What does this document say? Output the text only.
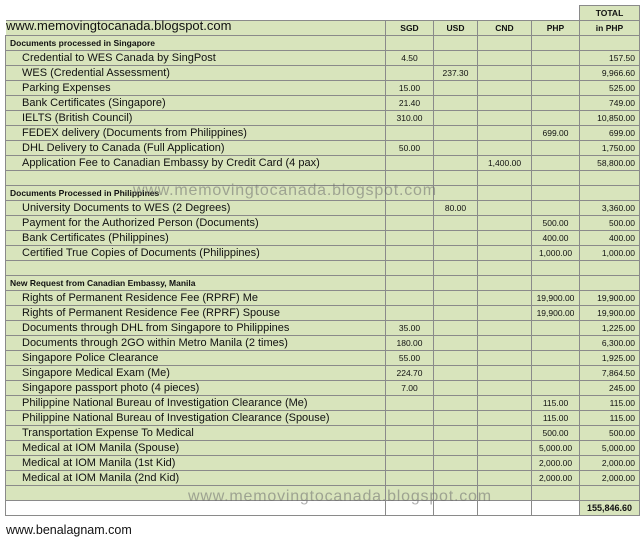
					TOTAL
	SGD	USD	CND	PHP	in PHP
Documents processed in Singapore					
Credential to WES Canada by SingPost	4.50				157.50
WES (Credential Assessment)		237.30			9,966.60
Parking Expenses	15.00				525.00
Bank Certificates (Singapore)	21.40				749.00
IELTS (British Council)	310.00				10,850.00
FEDEX delivery (Documents from Philippines)				699.00	699.00
DHL Delivery to Canada (Full Application)	50.00				1,750.00
Application Fee to Canadian Embassy by Credit Card (4 pax)			1,400.00		58,800.00

Documents Processed in Philippines					
University Documents to WES (2 Degrees)		80.00			3,360.00
Payment for the Authorized Person (Documents)				500.00	500.00
Bank Certificates (Philippines)				400.00	400.00
Certified True Copies of Documents (Philippines)				1,000.00	1,000.00

New Request from Canadian Embassy, Manila					
Rights of Permanent Residence Fee (RPRF) Me				19,900.00	19,900.00
Rights of Permanent Residence Fee (RPRF) Spouse				19,900.00	19,900.00
Documents through DHL from Singapore to Philippines	35.00				1,225.00
Documents through 2GO within Metro Manila (2 times)	180.00				6,300.00
Singapore Police Clearance	55.00				1,925.00
Singapore Medical Exam (Me)	224.70				7,864.50
Singapore passport photo (4 pieces)	7.00				245.00
Philippine National Bureau of Investigation Clearance (Me)				115.00	115.00
Philippine National Bureau of Investigation Clearance (Spouse)				115.00	115.00
Transportation Expense To Medical				500.00	500.00
Medical at IOM Manila (Spouse)				5,000.00	5,000.00
Medical at IOM Manila (1st Kid)				2,000.00	2,000.00
Medical at IOM Manila (2nd Kid)				2,000.00	2,000.00

					155,846.60
www.memovingtocanada.blogspot.com
www.memovingtocanada.blogspot.com
www.memovingtocanada.blogspot.com
www.benalagnam.com
